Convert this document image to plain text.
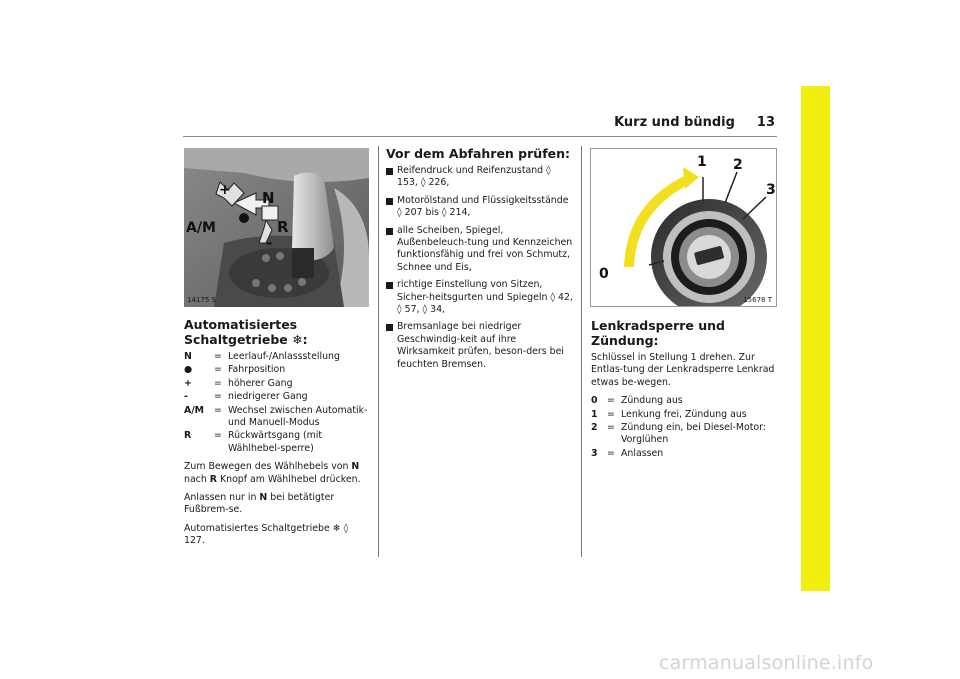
Kurz und bündig 13
+ N
A/M	R
-
14175 S
Automatisiertes Schaltgetriebe ❄:
N	= Leerlauf-/Anlassstellung
●	= Fahrposition
+	= höherer Gang
-	= niedrigerer Gang
A/M	= Wechsel zwischen Automatik- und Manuell-Modus
R	= Rückwärtsgang (mit Wählhebel-sperre)

Zum Bewegen des Wählhebels von N nach R Knopf am Wählhebel drücken.

Anlassen nur in N bei betätigter Fußbrem-se.

Automatisiertes Schaltgetriebe ❄ ◊ 127.

Vor dem Abfahren prüfen:
Reifendruck und Reifenzustand ◊ 153, ◊ 226,
Motorölstand und Flüssigkeitsstände ◊ 207 bis ◊ 214,
alle Scheiben, Spiegel, Außenbeleuch-tung und Kennzeichen funktionsfähig und frei von Schmutz, Schnee und Eis,
richtige Einstellung von Sitzen, Sicher-heitsgurten und Spiegeln ◊ 42, ◊ 57, ◊ 34,
Bremsanlage bei niedriger Geschwindig-keit auf ihre Wirksamkeit prüfen, beson-ders bei feuchten Bremsen.
0
1 2
3
15678 T
Lenkradsperre und Zündung:

Schlüssel in Stellung 1 drehen. Zur Entlas-tung der Lenkradsperre Lenkrad etwas be-wegen.

0	= Zündung aus
1	= Lenkung frei, Zündung aus
2	= Zündung ein, bei Diesel-Motor: Vorglühen
3	= Anlassen
carmanualsonline.info
